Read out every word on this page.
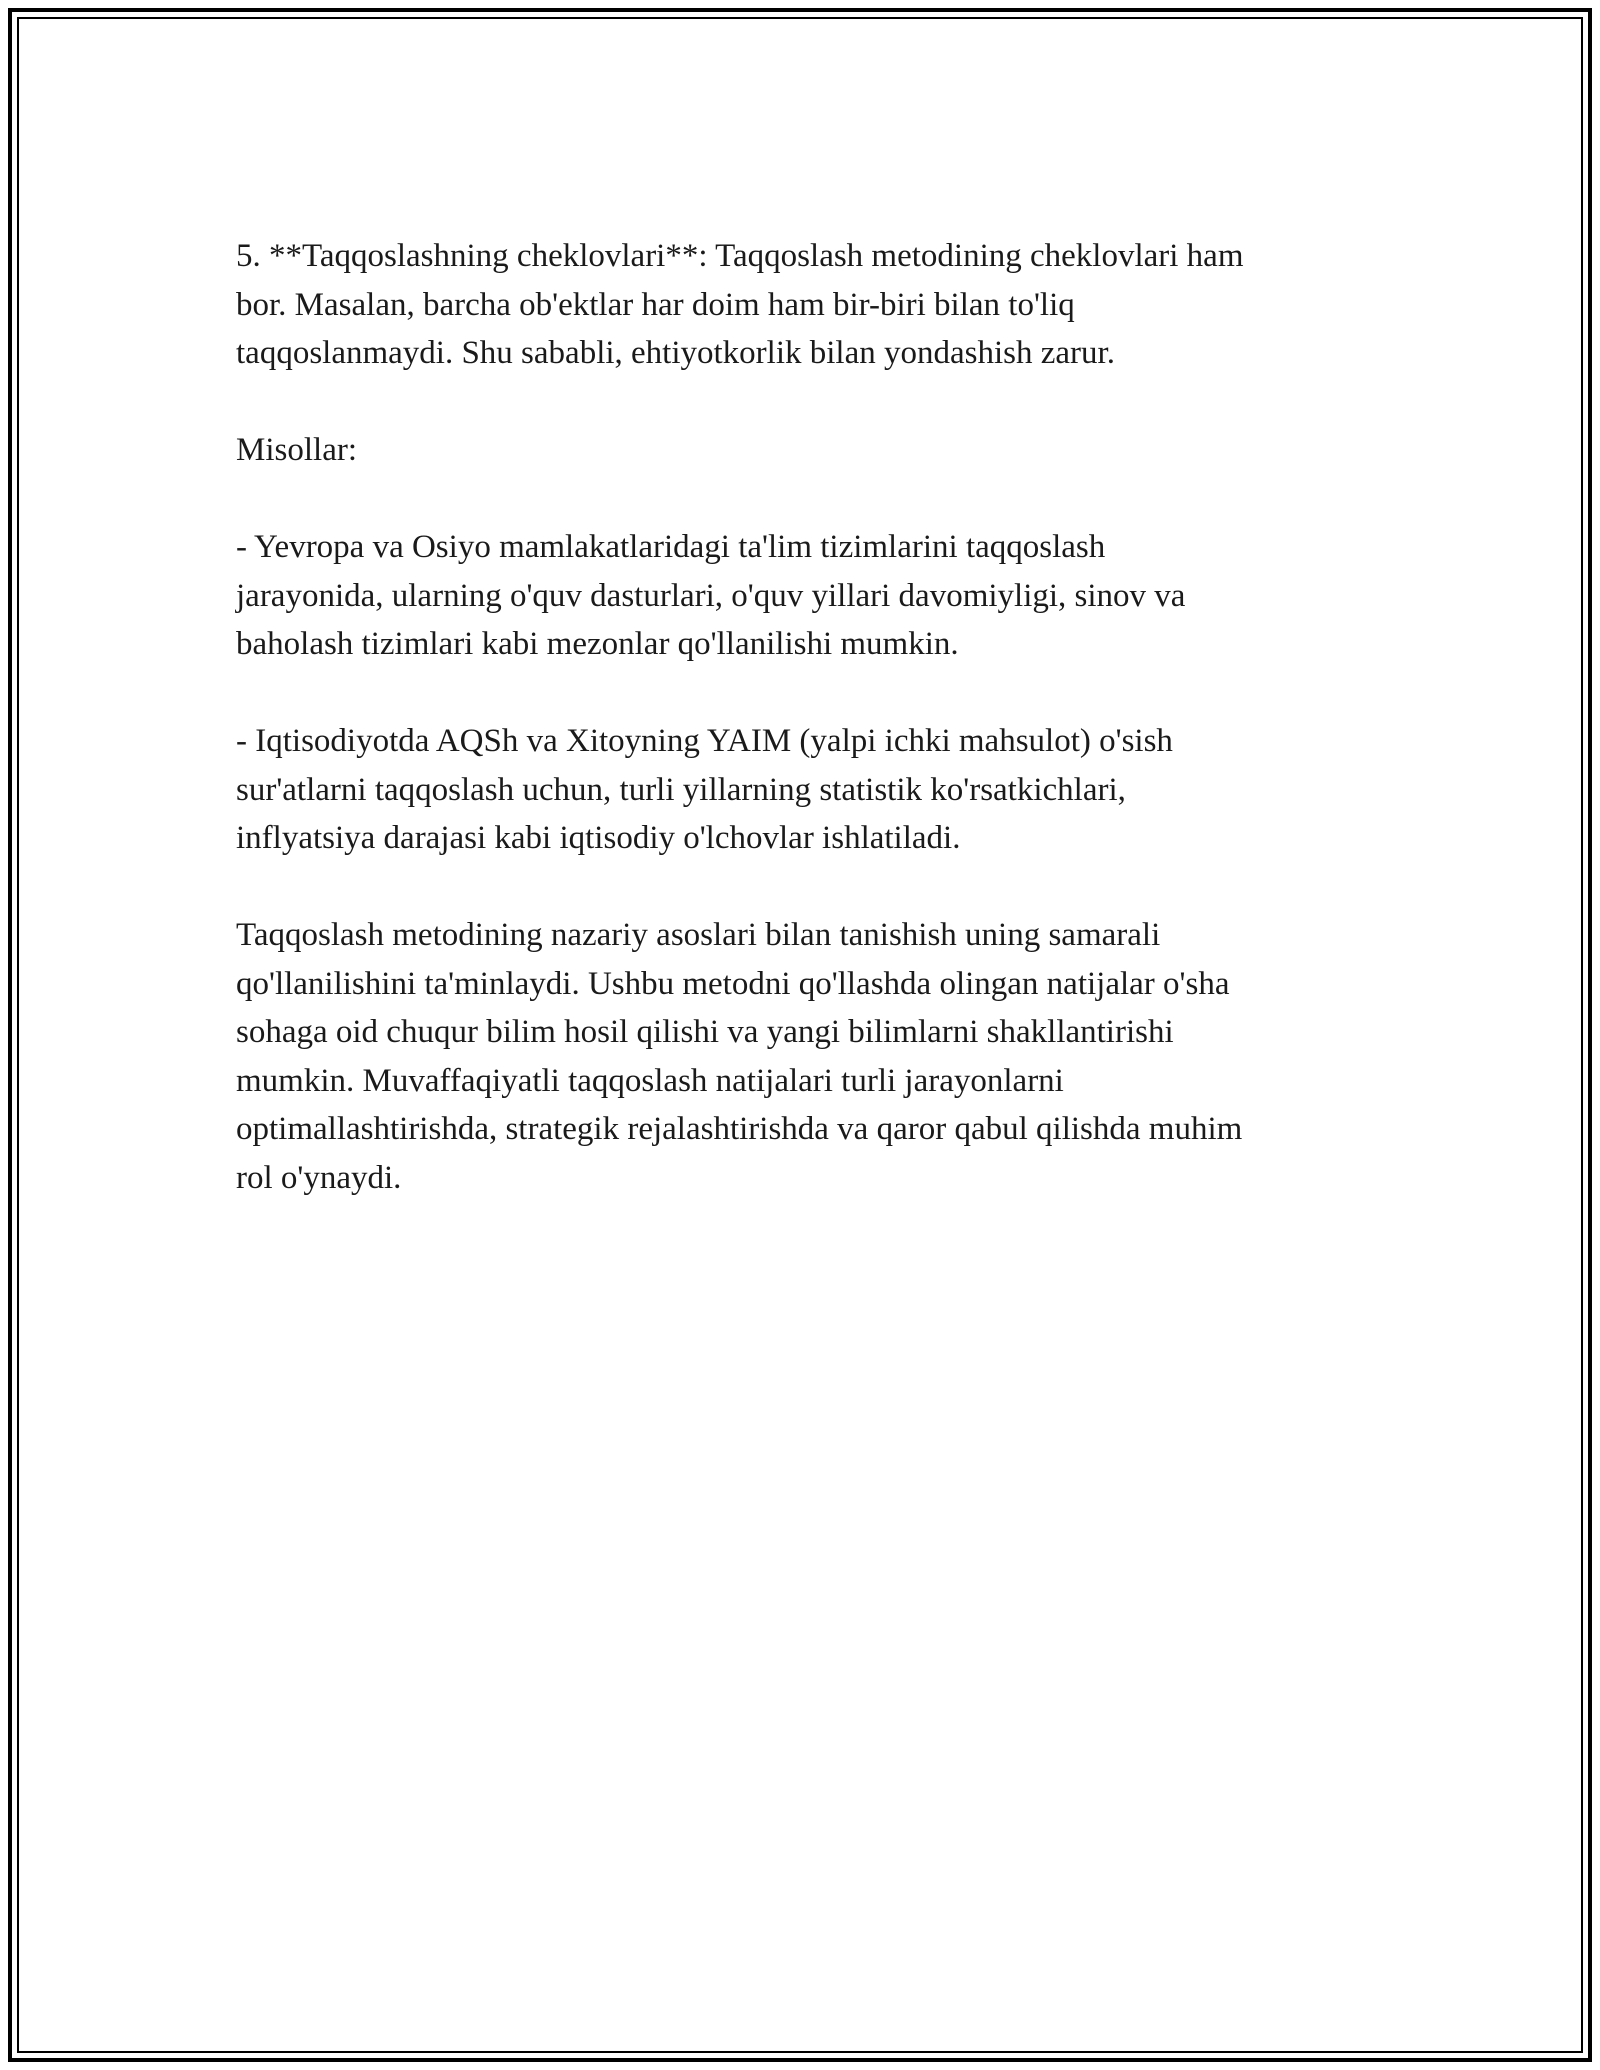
5. **Taqqoslashning cheklovlari**: Taqqoslash metodining cheklovlari ham
bor. Masalan, barcha ob'ektlar har doim ham bir-biri bilan to'liq
taqqoslanmaydi. Shu sababli, ehtiyotkorlik bilan yondashish zarur.

Misollar:

- Yevropa va Osiyo mamlakatlaridagi ta'lim tizimlarini taqqoslash
jarayonida, ularning o'quv dasturlari, o'quv yillari davomiyligi, sinov va
baholash tizimlari kabi mezonlar qo'llanilishi mumkin.

- Iqtisodiyotda AQSh va Xitoyning YAIM (yalpi ichki mahsulot) o'sish
sur'atlarni taqqoslash uchun, turli yillarning statistik ko'rsatkichlari,
inflyatsiya darajasi kabi iqtisodiy o'lchovlar ishlatiladi.

Taqqoslash metodining nazariy asoslari bilan tanishish uning samarali
qo'llanilishini ta'minlaydi. Ushbu metodni qo'llashda olingan natijalar o'sha
sohaga oid chuqur bilim hosil qilishi va yangi bilimlarni shakllantirishi
mumkin. Muvaffaqiyatli taqqoslash natijalari turli jarayonlarni
optimallashtirishda, strategik rejalashtirishda va qaror qabul qilishda muhim
rol o'ynaydi.
